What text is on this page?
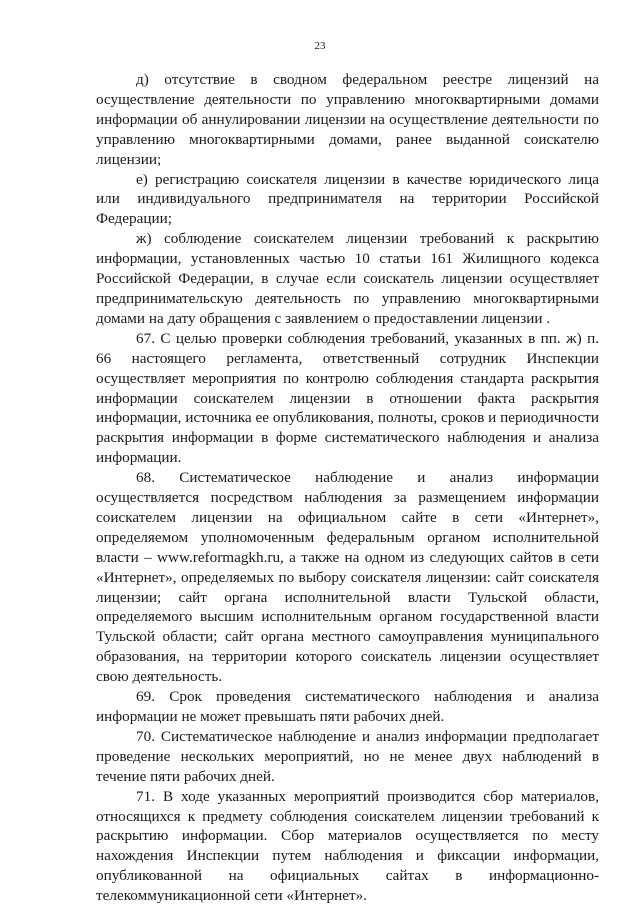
23

д) отсутствие в сводном федеральном реестре лицензий на осуществление деятельности по управлению многоквартирными домами информации об аннулировании лицензии на осуществление деятельности по управлению многоквартирными домами, ранее выданной соискателю лицензии;

е) регистрацию соискателя лицензии в качестве юридического лица или индивидуального предпринимателя на территории Российской Федерации;

ж) соблюдение соискателем лицензии требований к раскрытию информации, установленных частью 10 статьи 161 Жилищного кодекса Российской Федерации, в случае если соискатель лицензии осуществляет предпринимательскую деятельность по управлению многоквартирными домами на дату обращения с заявлением о предоставлении лицензии .

67. С целью проверки соблюдения требований, указанных в пп. ж) п. 66 настоящего регламента, ответственный сотрудник Инспекции осуществляет мероприятия по контролю соблюдения стандарта раскрытия информации соискателем лицензии в отношении факта раскрытия информации, источника ее опубликования, полноты, сроков и периодичности раскрытия информации в форме систематического наблюдения и анализа информации.

68. Систематическое наблюдение и анализ информации осуществляется посредством наблюдения за размещением информации соискателем лицензии на официальном сайте в сети «Интернет», определяемом уполномоченным федеральным органом исполнительной власти – www.reformagkh.ru, а также на одном из следующих сайтов в сети «Интернет», определяемых по выбору соискателя лицензии: сайт соискателя лицензии; сайт органа исполнительной власти Тульской области, определяемого высшим исполнительным органом государственной власти Тульской области; сайт органа местного самоуправления муниципального образования, на территории которого соискатель лицензии осуществляет свою деятельность.

69. Срок проведения систематического наблюдения и анализа информации не может превышать пяти рабочих дней.

70. Систематическое наблюдение и анализ информации предполагает проведение нескольких мероприятий, но не менее двух наблюдений в течение пяти рабочих дней.

71. В ходе указанных мероприятий производится сбор материалов, относящихся к предмету соблюдения соискателем лицензии требований к раскрытию информации. Сбор материалов осуществляется по месту нахождения Инспекции путем наблюдения и фиксации информации, опубликованной на официальных сайтах в информационно-телекоммуникационной сети «Интернет».
